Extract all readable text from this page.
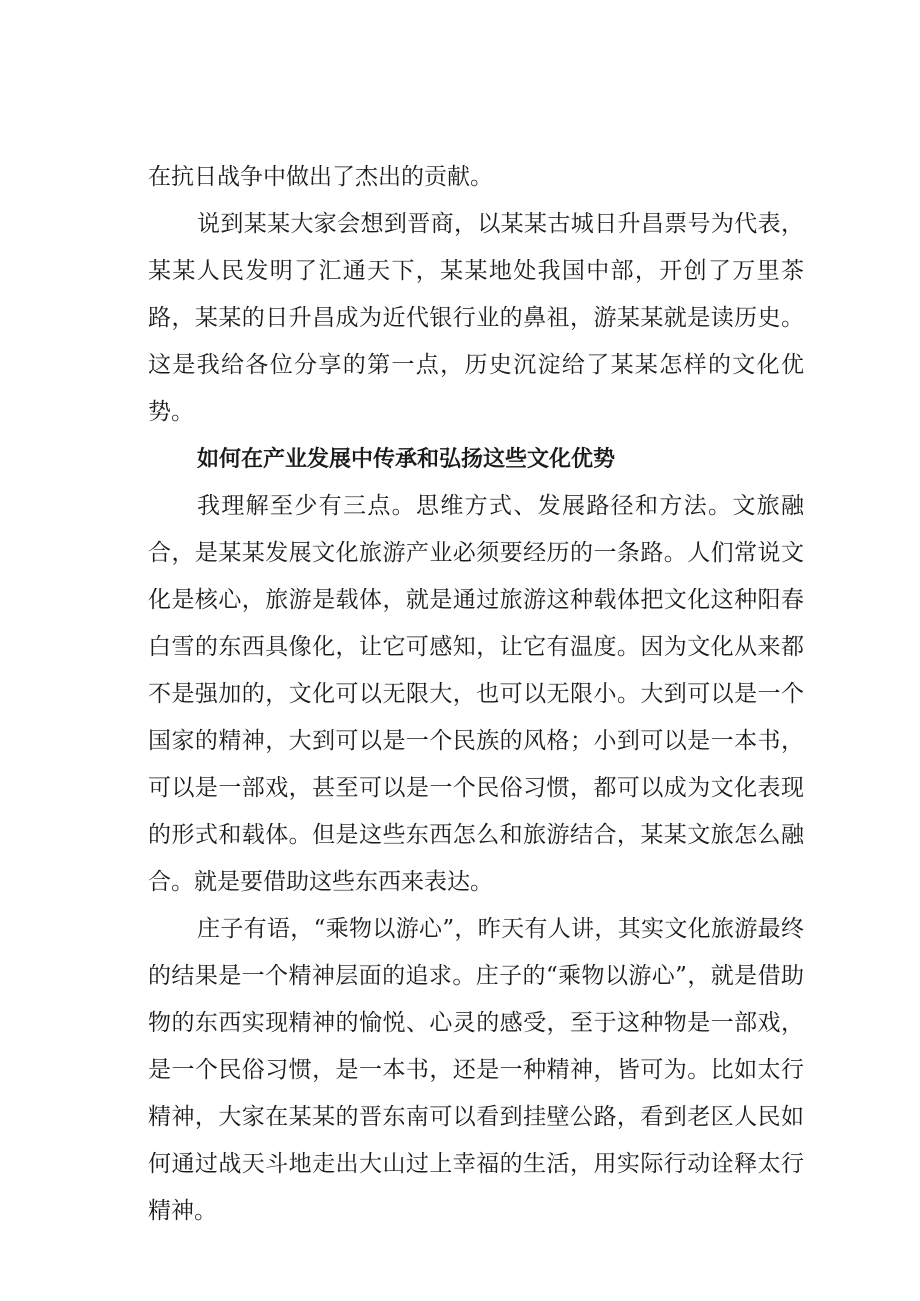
在抗日战争中做出了杰出的贡献。

说到某某大家会想到晋商，以某某古城日升昌票号为代表，某某人民发明了汇通天下，某某地处我国中部，开创了万里茶路，某某的日升昌成为近代银行业的鼻祖，游某某就是读历史。这是我给各位分享的第一点，历史沉淀给了某某怎样的文化优势。

如何在产业发展中传承和弘扬这些文化优势

我理解至少有三点。思维方式、发展路径和方法。文旅融合，是某某发展文化旅游产业必须要经历的一条路。人们常说文化是核心，旅游是载体，就是通过旅游这种载体把文化这种阳春白雪的东西具像化，让它可感知，让它有温度。因为文化从来都不是强加的，文化可以无限大，也可以无限小。大到可以是一个国家的精神，大到可以是一个民族的风格；小到可以是一本书，可以是一部戏，甚至可以是一个民俗习惯，都可以成为文化表现的形式和载体。但是这些东西怎么和旅游结合，某某文旅怎么融合。就是要借助这些东西来表达。

庄子有语，“乘物以游心”，昨天有人讲，其实文化旅游最终的结果是一个精神层面的追求。庄子的“乘物以游心”，就是借助物的东西实现精神的愉悦、心灵的感受，至于这种物是一部戏，是一个民俗习惯，是一本书，还是一种精神，皆可为。比如太行精神，大家在某某的晋东南可以看到挂壁公路，看到老区人民如何通过战天斗地走出大山过上幸福的生活，用实际行动诠释太行精神。
